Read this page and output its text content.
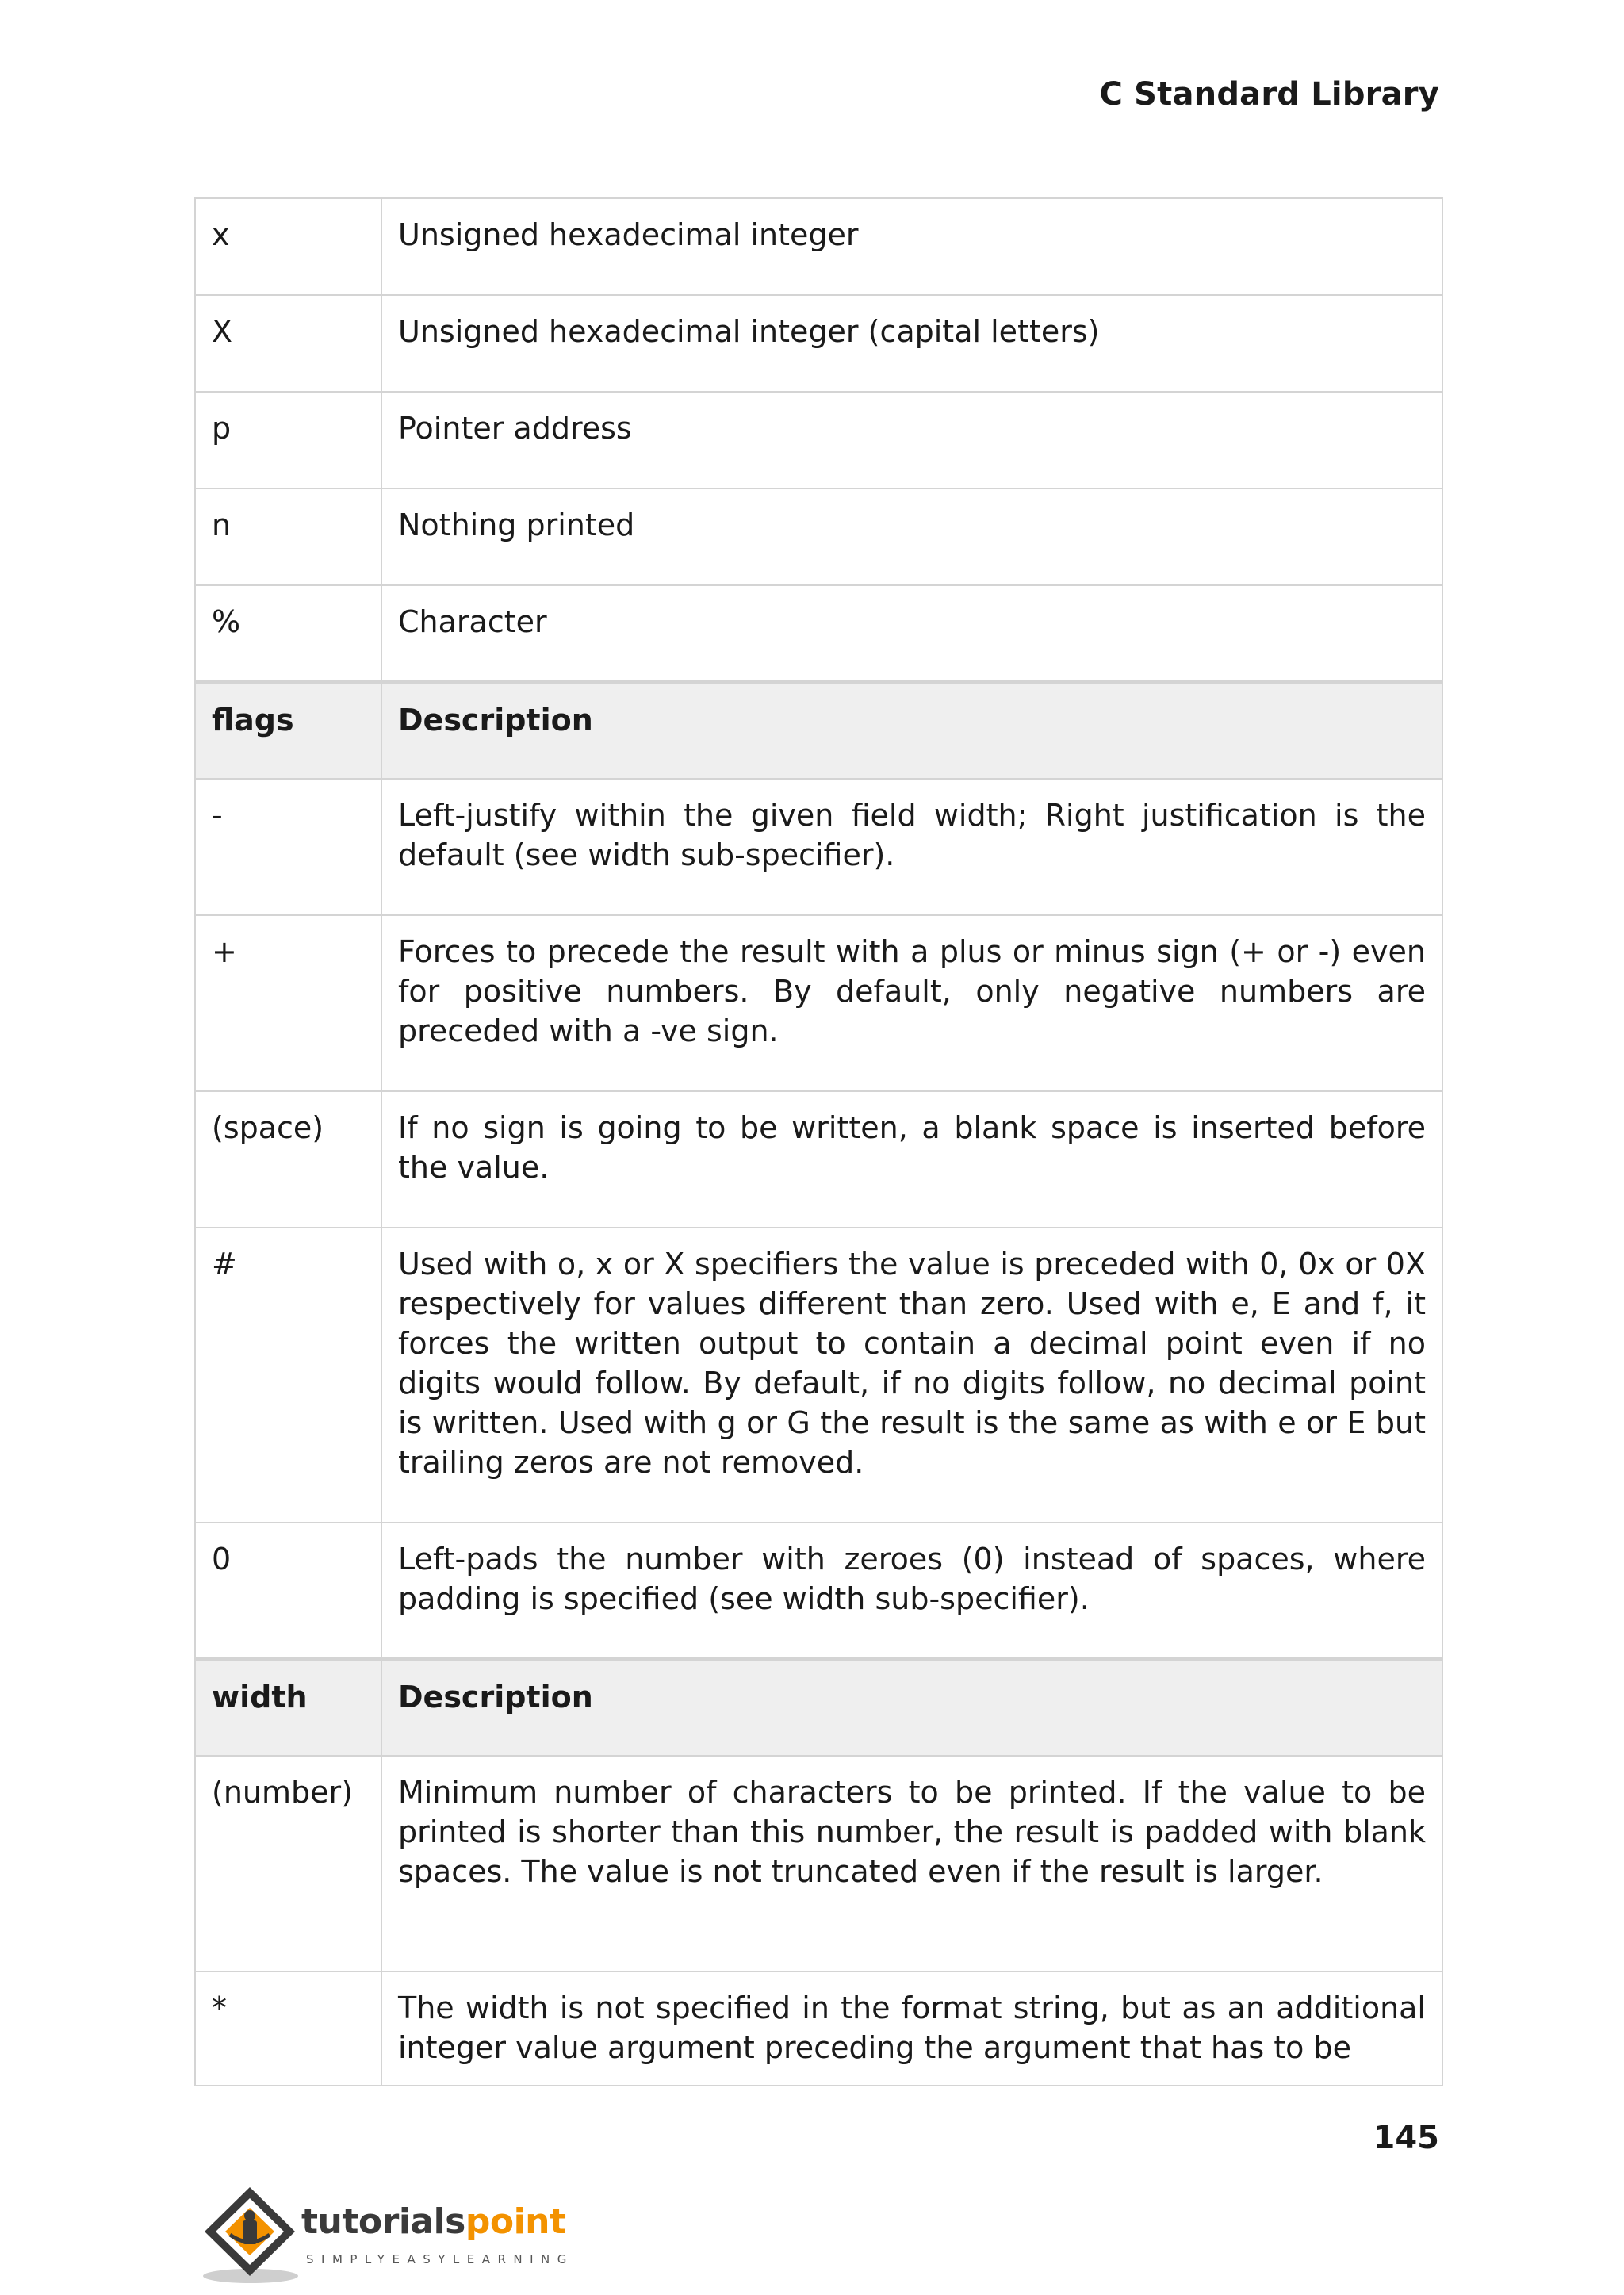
C Standard Library
x	Unsigned hexadecimal integer
X	Unsigned hexadecimal integer (capital letters)
p	Pointer address
n	Nothing printed
%	Character
flags	Description
-	Left-justify within the given field width; Right justification is the default (see width sub-specifier).
+	Forces to precede the result with a plus or minus sign (+ or -) even for positive numbers. By default, only negative numbers are preceded with a -ve sign.
(space)	If no sign is going to be written, a blank space is inserted before the value.
#	Used with o, x or X specifiers the value is preceded with 0, 0x or 0X respectively for values different than zero. Used with e, E and f, it forces the written output to contain a decimal point even if no digits would follow. By default, if no digits follow, no decimal point is written. Used with g or G the result is the same as with e or E but trailing zeros are not removed.
0	Left-pads the number with zeroes (0) instead of spaces, where padding is specified (see width sub-specifier).
width	Description
(number)	Minimum number of characters to be printed. If the value to be printed is shorter than this number, the result is padded with blank spaces. The value is not truncated even if the result is larger.
*	The width is not specified in the format string, but as an additional integer value argument preceding the argument that has to be
145
tutorialspoint
SIMPLYEASYLEARNING
